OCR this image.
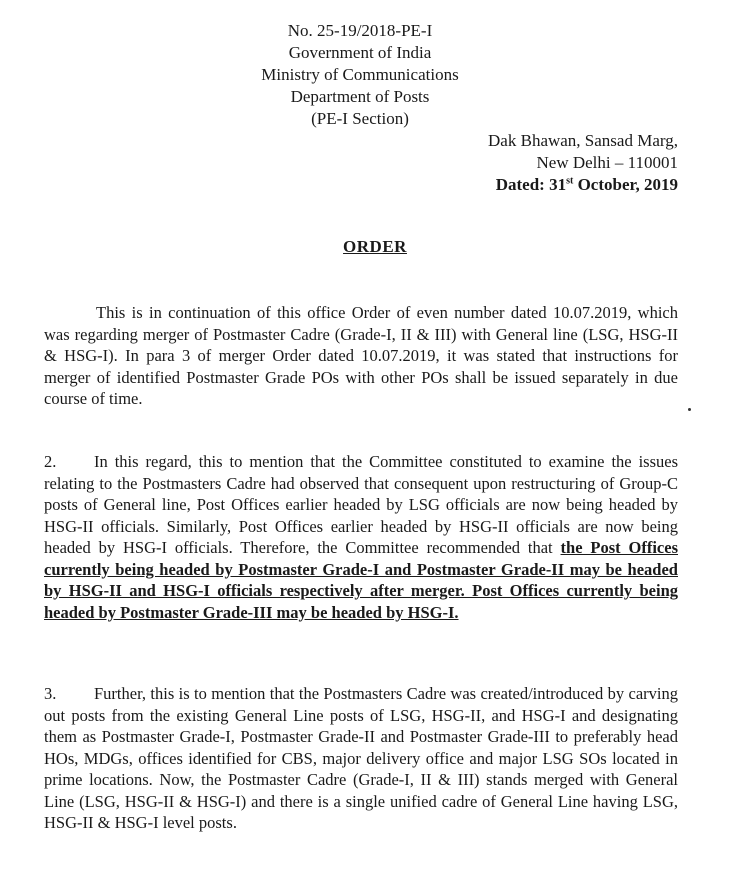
No. 25-19/2018-PE-I
Government of India
Ministry of Communications
Department of Posts
(PE-I Section)
Dak Bhawan, Sansad Marg,
New Delhi – 110001
Dated: 31st October, 2019
ORDER
This is in continuation of this office Order of even number dated 10.07.2019, which was regarding merger of Postmaster Cadre (Grade-I, II & III) with General line (LSG, HSG-II & HSG-I). In para 3 of merger Order dated 10.07.2019, it was stated that instructions for merger of identified Postmaster Grade POs with other POs shall be issued separately in due course of time.
2. In this regard, this to mention that the Committee constituted to examine the issues relating to the Postmasters Cadre had observed that consequent upon restructuring of Group-C posts of General line, Post Offices earlier headed by LSG officials are now being headed by HSG-II officials. Similarly, Post Offices earlier headed by HSG-II officials are now being headed by HSG-I officials. Therefore, the Committee recommended that the Post Offices currently being headed by Postmaster Grade-I and Postmaster Grade-II may be headed by HSG-II and HSG-I officials respectively after merger. Post Offices currently being headed by Postmaster Grade-III may be headed by HSG-I.
3. Further, this is to mention that the Postmasters Cadre was created/introduced by carving out posts from the existing General Line posts of LSG, HSG-II, and HSG-I and designating them as Postmaster Grade-I, Postmaster Grade-II and Postmaster Grade-III to preferably head HOs, MDGs, offices identified for CBS, major delivery office and major LSG SOs located in prime locations. Now, the Postmaster Cadre (Grade-I, II & III) stands merged with General Line (LSG, HSG-II & HSG-I) and there is a single unified cadre of General Line having LSG, HSG-II & HSG-I level posts.
